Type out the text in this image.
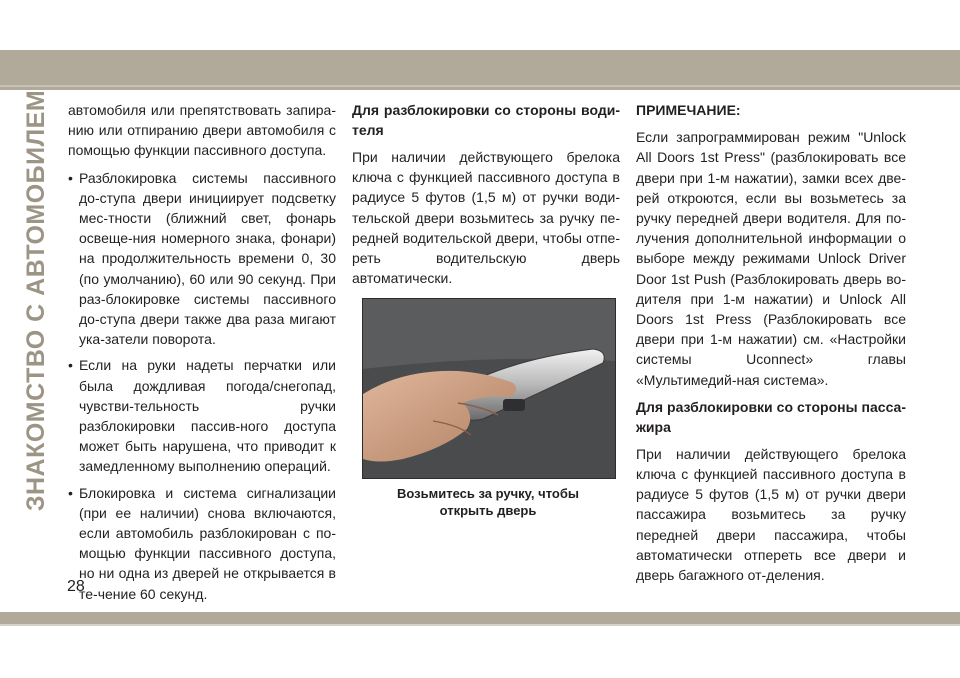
ЗНАКОМСТВО С АВТОМОБИЛЕМ автомобиля или препятствовать запира-нию или отпиранию двери автомобиля с помощью функции пассивного доступа.

• Разблокировка системы пассивного до-ступа двери инициирует подсветку мес-тности (ближний свет, фонарь освеще-ния номерного знака, фонари) на продолжительность времени 0, 30 (по умолчанию), 60 или 90 секунд. При раз-блокировке системы пассивного до-ступа двери также два раза мигают ука-затели поворота.
• Если на руки надеты перчатки или была дождливая погода/снегопад, чувстви-тельность ручки разблокировки пассив-ного доступа может быть нарушена, что приводит к замедленному выполнению операций.
• Блокировка и система сигнализации (при ее наличии) снова включаются, если автомобиль разблокирован с по-мощью функции пассивного доступа, но ни одна из дверей не открывается в те-чение 60 секунд.

Для разблокировки со стороны води-теля

При наличии действующего брелока ключа с функцией пассивного доступа в радиусе 5 футов (1,5 м) от ручки води-тельской двери возьмитесь за ручку пе-редней водительской двери, чтобы отпе-реть водительскую дверь автоматически.

Возьмитесь за ручку, чтобы
открыть дверь

ПРИМЕЧАНИЕ:

Если запрограммирован режим "Unlock All Doors 1st Press" (разблокировать все двери при 1-м нажатии), замки всех две-рей откроются, если вы возьметесь за ручку передней двери водителя. Для по-лучения дополнительной информации о выборе между режимами Unlock Driver Door 1st Push (Разблокировать дверь во-дителя при 1-м нажатии) и Unlock All Doors 1st Press (Разблокировать все двери при 1-м нажатии) см. «Настройки системы Uconnect» главы «Мультимедий-ная система».

Для разблокировки со стороны пасса-жира

При наличии действующего брелока ключа с функцией пассивного доступа в радиусе 5 футов (1,5 м) от ручки двери пассажира возьмитесь за ручку передней двери пассажира, чтобы автоматически отпереть все двери и дверь багажного от-деления.

28
